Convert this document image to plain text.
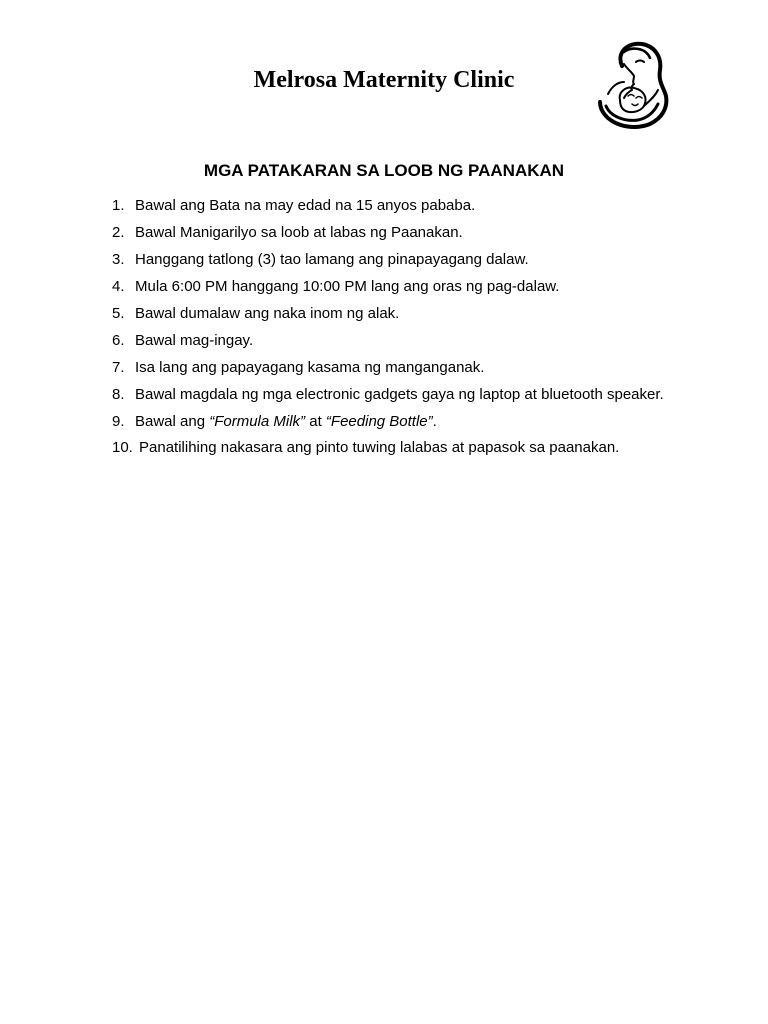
Melrosa Maternity Clinic
MGA PATAKARAN SA LOOB NG PAANAKAN
1. Bawal ang Bata na may edad na 15 anyos pababa.
2. Bawal Manigarilyo sa loob at labas ng Paanakan.
3. Hanggang tatlong (3) tao lamang ang pinapayagang dalaw.
4. Mula 6:00 PM hanggang 10:00 PM lang ang oras ng pag-dalaw.
5. Bawal dumalaw ang naka inom ng alak.
6. Bawal mag-ingay.
7. Isa lang ang papayagang kasama ng manganganak.
8. Bawal magdala ng mga electronic gadgets gaya ng laptop at bluetooth speaker.
9. Bawal ang “Formula Milk” at “Feeding Bottle”.
10. Panatilihing nakasara ang pinto tuwing lalabas at papasok sa paanakan.
